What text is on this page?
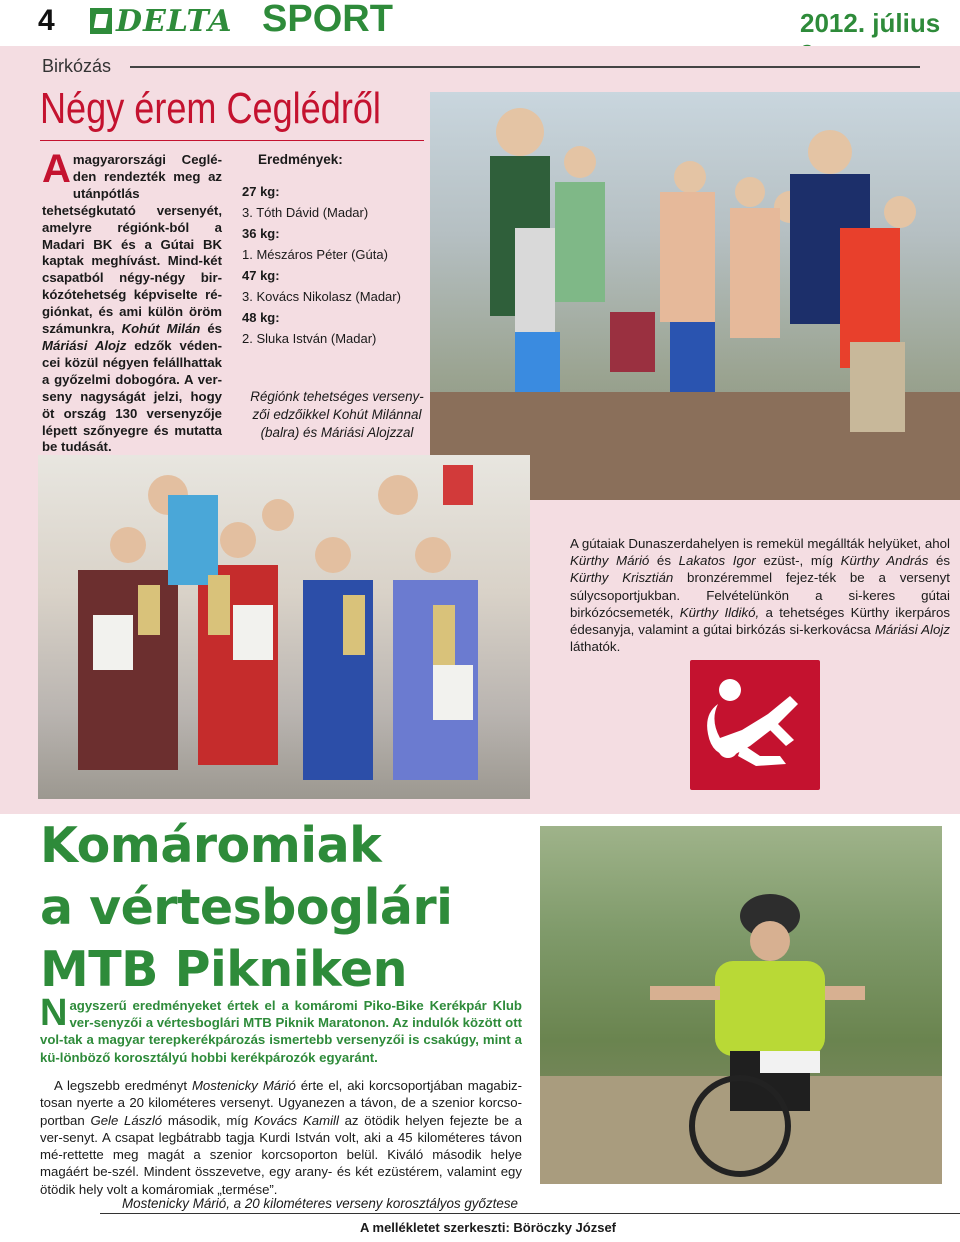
4 DELTA SPORT	2012. július
Birkózás
Négy érem Ceglédről
A magyarországi Ceglé-den rendezték meg az utánpótlás tehetségkutató versenyét, amelyre régiónk-ból a Madari BK és a Gútai BK kaptak meghívást. Mind-két csapatból négy-négy bir-kózótehetség képviselte ré-giónkat, és ami külön öröm számunkra, Kohút Milán és Máriási Alojz edzők véden-cei közül négyen felállhattak a győzelmi dobogóra. A ver-seny nagyságát jelzi, hogy öt ország 130 versenyzője lépett szőnyegre és mutatta be tudását.
Eredmények:
27 kg:
3. Tóth Dávid (Madar)
36 kg:
1. Mészáros Péter (Gúta)
47 kg:
3. Kovács Nikolasz (Madar)
48 kg:
2. Sluka István (Madar)
Régiónk tehetséges verseny-zői edzőikkel Kohút Milánnal (balra) és Máriási Alojzzal
A gútaiak Dunaszerdahelyen is remekül megállták helyüket, ahol Kürthy Márió és Lakatos Igor ezüst-, míg Kürthy András és Kürthy Krisztián bronzéremmel fejez-ték be a versenyt súlycsoportjukban. Felvételünkön a si-keres gútai birkózócsemeték, Kürthy Ildikó, a tehetséges Kürthy ikerpáros édesanyja, valamint a gútai birkózás si-kerkovácsa Máriási Alojz láthatók.
Komáromiak
a vértesboglári
MTB Pikniken
Nagyszerű eredményeket értek el a komáromi Piko-Bike Kerékpár Klub ver-senyzői a vértesboglári MTB Piknik Maratonon. Az indulók között ott vol-tak a magyar terepkerékpározás ismertebb versenyzői is csakúgy, mint a kü-lönböző korosztályú hobbi kerékpározók egyaránt.
A legszebb eredményt Mostenicky Márió érte el, aki korcsoportjában magabiz-tosan nyerte a 20 kilométeres versenyt. Ugyanezen a távon, de a szenior korcso-portban Gele László második, míg Kovács Kamill az ötödik helyen fejezte be a ver-senyt. A csapat legbátrabb tagja Kurdi István volt, aki a 45 kilométeres távon mé-rettette meg magát a szenior korcsoporton belül. Kiváló második helye magáért be-szél. Mindent összevetve, egy arany- és két ezüstérem, valamint egy ötödik hely volt a komáromiak „termése”.
Mostenicky Márió, a 20 kilométeres verseny korosztályos győztese
A mellékletet szerkeszti: Böröczky József
